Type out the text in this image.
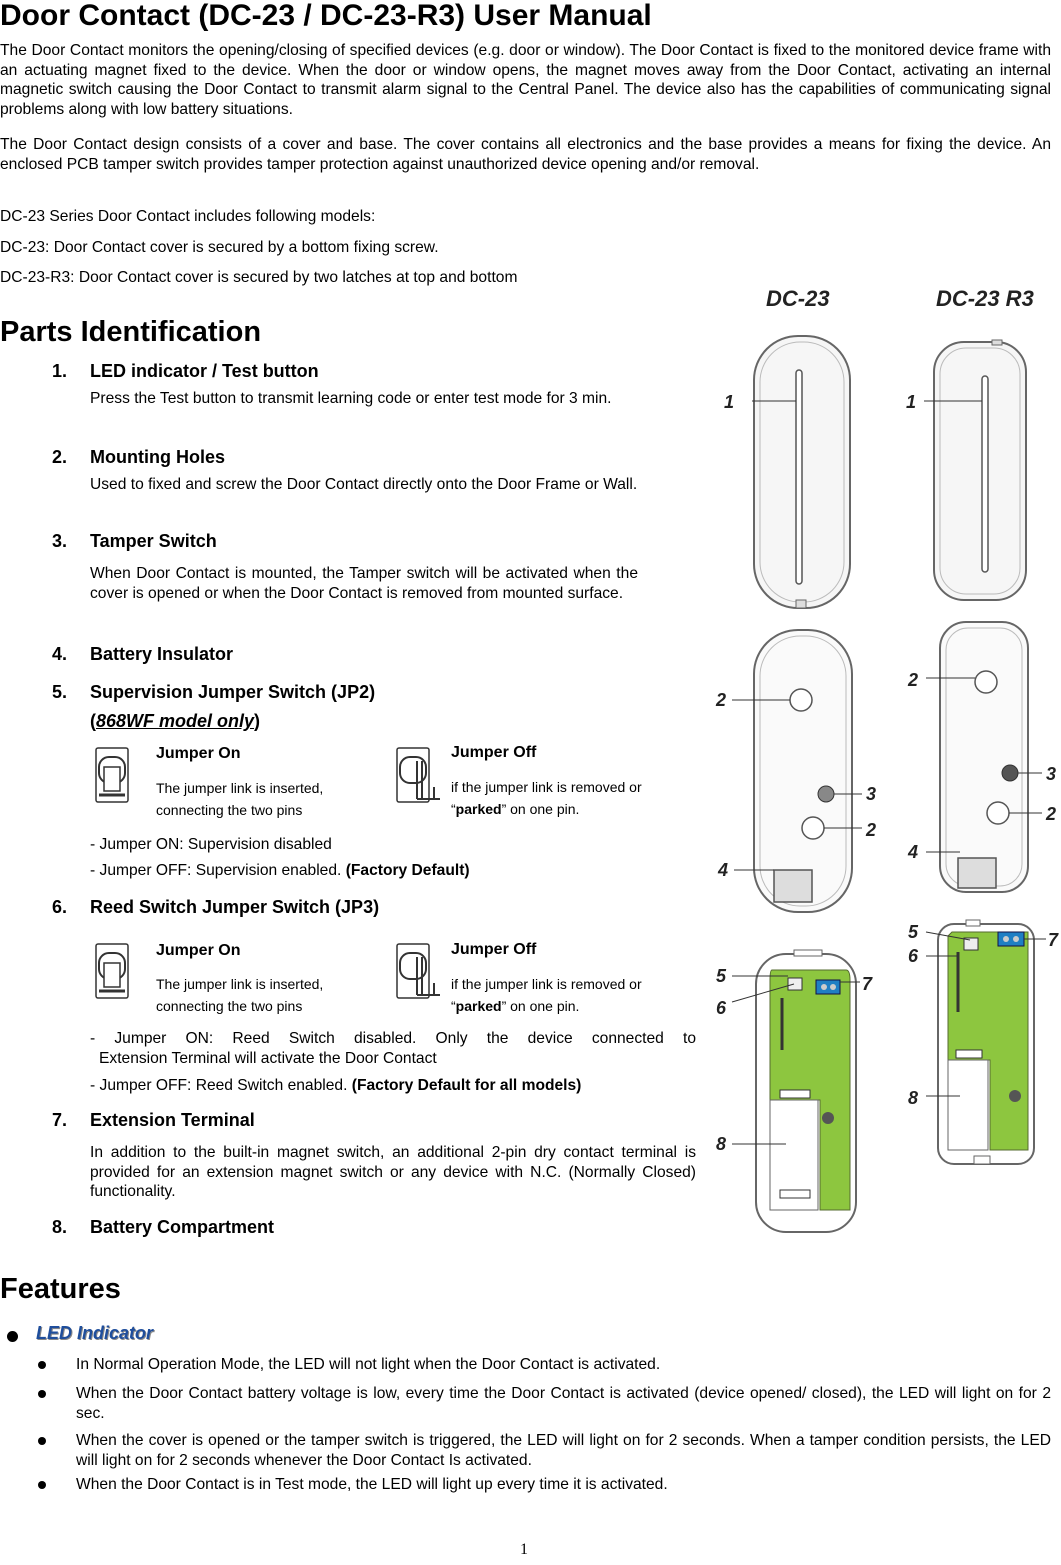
Door Contact (DC-23 / DC-23-R3) User Manual
The Door Contact monitors the opening/closing of specified devices (e.g. door or window). The Door Contact is fixed to the monitored device frame with an actuating magnet fixed to the device. When the door or window opens, the magnet moves away from the Door Contact, activating an internal magnetic switch causing the Door Contact to transmit alarm signal to the Central Panel. The device also has the capabilities of communicating signal problems along with low battery situations.
The Door Contact design consists of a cover and base. The cover contains all electronics and the base provides a means for fixing the device. An enclosed PCB tamper switch provides tamper protection against unauthorized device opening and/or removal.
DC-23 Series Door Contact includes following models:
DC-23: Door Contact cover is secured by a bottom fixing screw.
DC-23-R3: Door Contact cover is secured by two latches at top and bottom
Parts Identification
1. LED indicator / Test button
Press the Test button to transmit learning code or enter test mode for 3 min.
2. Mounting Holes
Used to fixed and screw the Door Contact directly onto the Door Frame or Wall.
3. Tamper Switch
When Door Contact is mounted, the Tamper switch will be activated when the cover is opened or when the Door Contact is removed from mounted surface.
4. Battery Insulator
5. Supervision Jumper Switch (JP2)
(868WF model only)
Jumper On
The jumper link is inserted,
connecting the two pins
Jumper Off
if the jumper link is removed or
“parked” on one pin.
- Jumper ON: Supervision disabled
- Jumper OFF: Supervision enabled. (Factory Default)
6. Reed Switch Jumper Switch (JP3)
Jumper On
The jumper link is inserted,
connecting the two pins
Jumper Off
if the jumper link is removed or
“parked” on one pin.
- Jumper ON: Reed Switch disabled. Only the device connected to
Extension Terminal will activate the Door Contact
- Jumper OFF: Reed Switch enabled. (Factory Default for all models)
7. Extension Terminal
In addition to the built-in magnet switch, an additional 2-pin dry contact terminal is provided for an extension magnet switch or any device with N.C. (Normally Closed) functionality.
8. Battery Compartment
DC-23	DC-23 R3
1	1
2
3
2
4
2
3
2
4
5
6
7
8
5
6
7
8
Features
LED Indicator
In Normal Operation Mode, the LED will not light when the Door Contact is activated.
When the Door Contact battery voltage is low, every time the Door Contact is activated (device opened/ closed), the LED will light on for 2 sec.
When the cover is opened or the tamper switch is triggered, the LED will light on for 2 seconds. When a tamper condition persists, the LED will light on for 2 seconds whenever the Door Contact Is activated.
When the Door Contact is in Test mode, the LED will light up every time it is activated.
1
